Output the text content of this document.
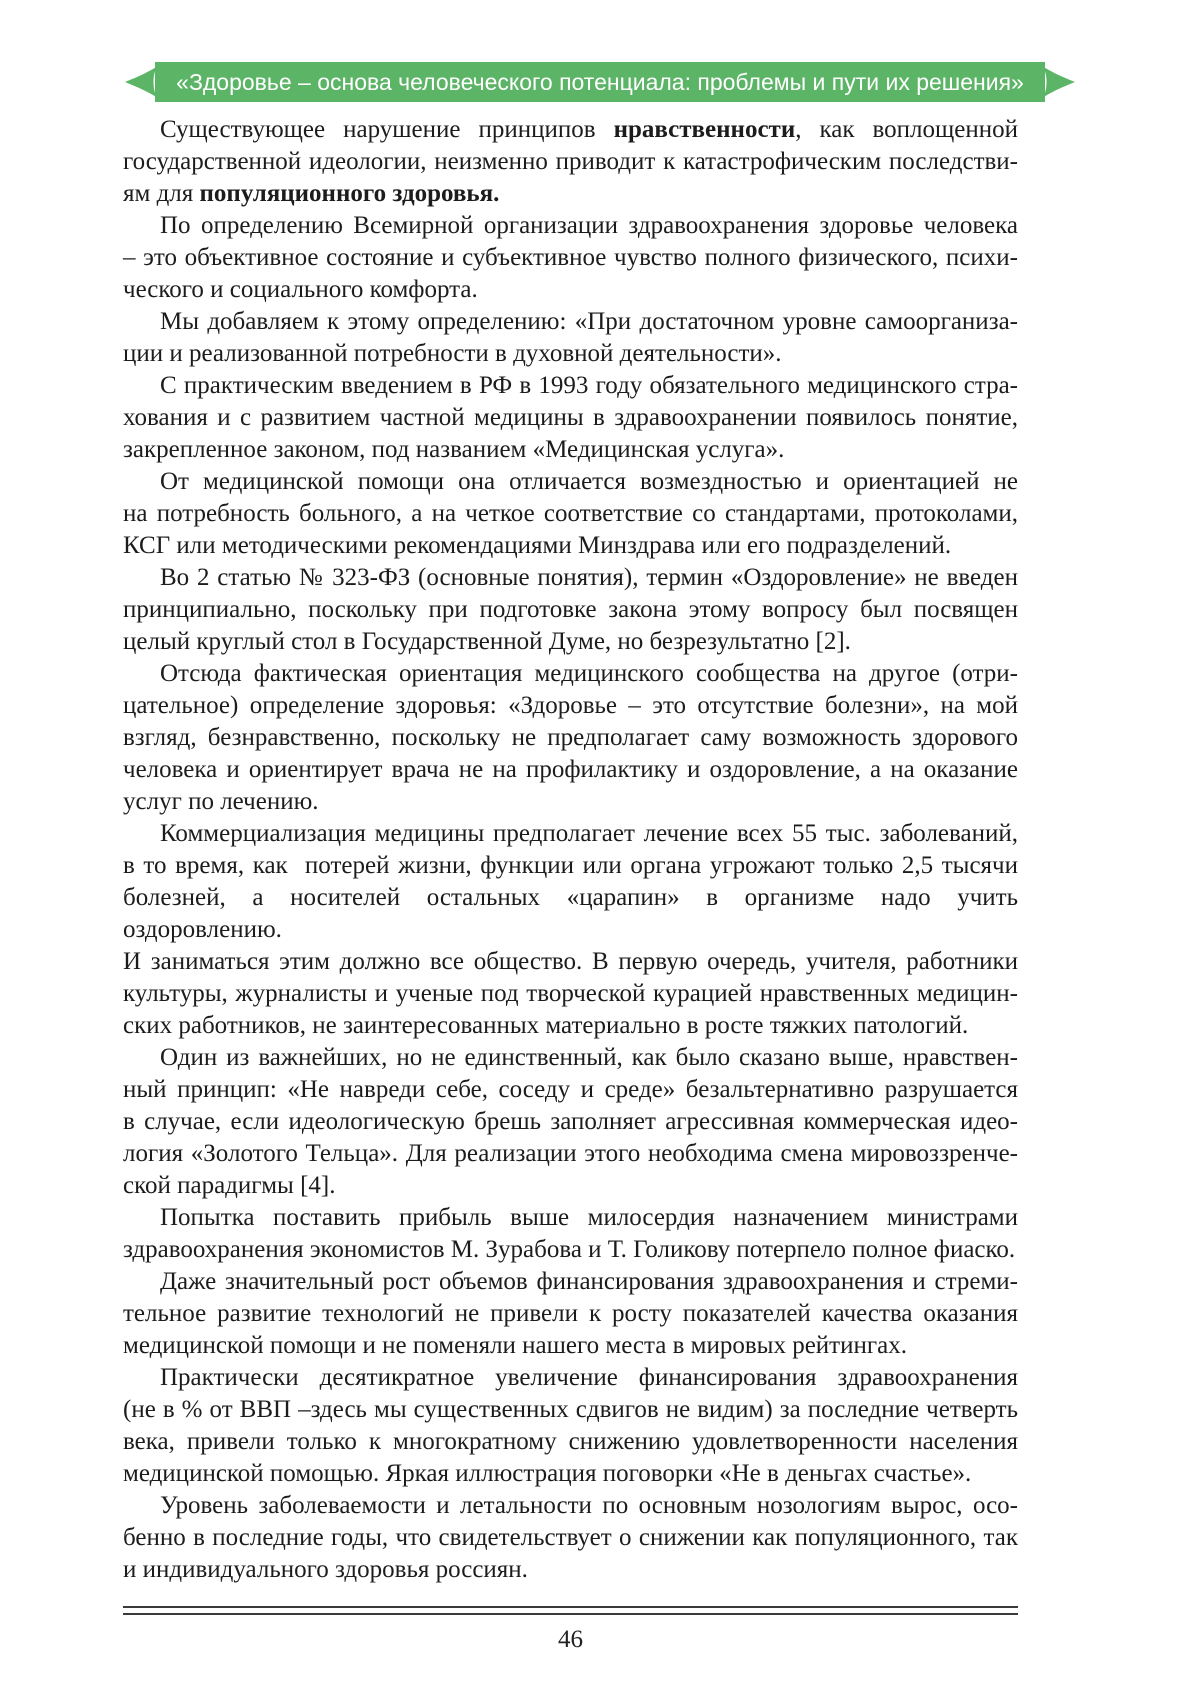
«Здоровье – основа человеческого потенциала: проблемы и пути их решения»
Существующее нарушение принципов нравственности, как воплощенной
государственной идеологии, неизменно приводит к катастрофическим последстви-
ям для популяционного здоровья.
По определению Всемирной организации здравоохранения здоровье человека
– это объективное состояние и субъективное чувство полного физического, психи-
ческого и социального комфорта.
Мы добавляем к этому определению: «При достаточном уровне самоорганиза-
ции и реализованной потребности в духовной деятельности».
С практическим введением в РФ в 1993 году обязательного медицинского стра-
хования и с развитием частной медицины в здравоохранении появилось понятие,
закрепленное законом, под названием «Медицинская услуга».
От медицинской помощи она отличается возмездностью и ориентацией не
на потребность больного, а на четкое соответствие со стандартами, протоколами,
КСГ или методическими рекомендациями Минздрава или его подразделений.
Во 2 статью № 323-ФЗ (основные понятия), термин «Оздоровление» не введен
принципиально, поскольку при подготовке закона этому вопросу был посвящен
целый круглый стол в Государственной Думе, но безрезультатно [2].
Отсюда фактическая ориентация медицинского сообщества на другое (отри-
цательное) определение здоровья: «Здоровье – это отсутствие болезни», на мой
взгляд, безнравственно, поскольку не предполагает саму возможность здорового
человека и ориентирует врача не на профилактику и оздоровление, а на оказание
услуг по лечению.
Коммерциализация медицины предполагает лечение всех 55 тыс. заболеваний,
в то время, как  потерей жизни, функции или органа угрожают только 2,5 тысячи
болезней, а носителей остальных «царапин» в организме надо учить оздоровлению.
И заниматься этим должно все общество. В первую очередь, учителя, работники
культуры, журналисты и ученые под творческой курацией нравственных медицин-
ских работников, не заинтересованных материально в росте тяжких патологий.
Один из важнейших, но не единственный, как было сказано выше, нравствен-
ный принцип: «Не навреди себе, соседу и среде» безальтернативно разрушается
в случае, если идеологическую брешь заполняет агрессивная коммерческая идео-
логия «Золотого Тельца». Для реализации этого необходима смена мировоззренче-
ской парадигмы [4].
Попытка поставить прибыль выше милосердия назначением министрами
здравоохранения экономистов М. Зурабова и Т. Голикову потерпело полное фиаско.
Даже значительный рост объемов финансирования здравоохранения и стреми-
тельное развитие технологий не привели к росту показателей качества оказания
медицинской помощи и не поменяли нашего места в мировых рейтингах.
Практически десятикратное увеличение финансирования здравоохранения
(не в % от ВВП –здесь мы существенных сдвигов не видим) за последние четверть
века, привели только к многократному снижению удовлетворенности населения
медицинской помощью. Яркая иллюстрация поговорки «Не в деньгах счастье».
Уровень заболеваемости и летальности по основным нозологиям вырос, осо-
бенно в последние годы, что свидетельствует о снижении как популяционного, так
и индивидуального здоровья россиян.
46
